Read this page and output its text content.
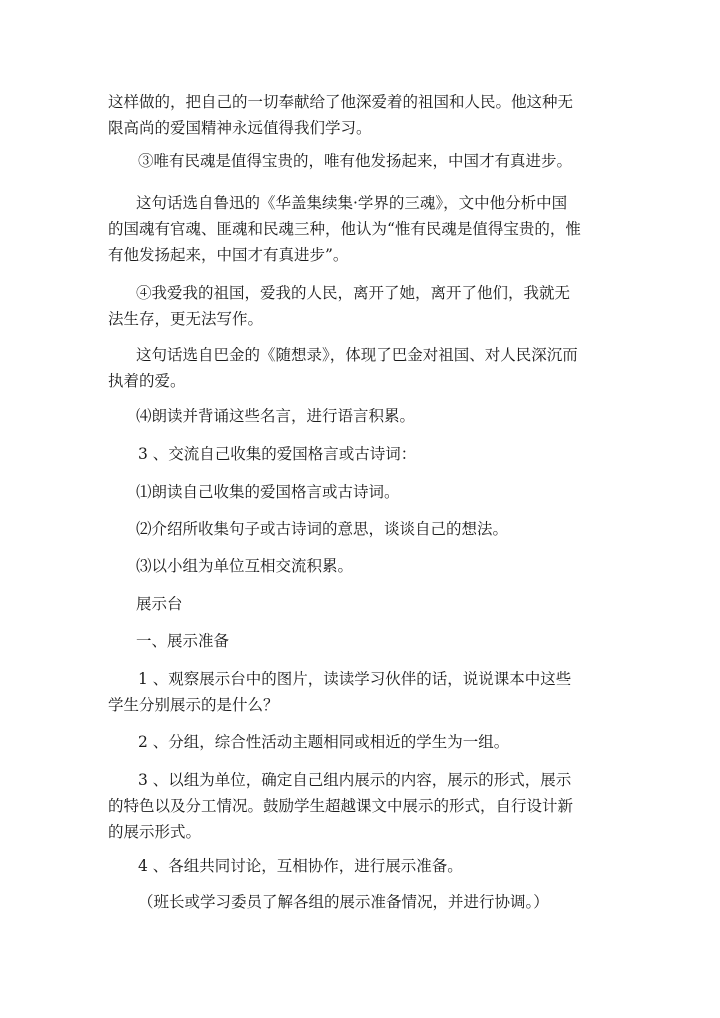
这样做的，把自己的一切奉献给了他深爱着的祖国和人民。他这种无限高尚的爱国精神永远值得我们学习。

③唯有民魂是值得宝贵的，唯有他发扬起来，中国才有真进步。

这句话选自鲁迅的《华盖集续集·学界的三魂》，文中他分析中国的国魂有官魂、匪魂和民魂三种，他认为“惟有民魂是值得宝贵的，惟有他发扬起来，中国才有真进步”。

④我爱我的祖国，爱我的人民，离开了她，离开了他们，我就无法生存，更无法写作。

这句话选自巴金的《随想录》，体现了巴金对祖国、对人民深沉而执着的爱。

⑷朗读并背诵这些名言，进行语言积累。

3 、交流自己收集的爱国格言或古诗词：

⑴朗读自己收集的爱国格言或古诗词。

⑵介绍所收集句子或古诗词的意思，谈谈自己的想法。

⑶以小组为单位互相交流积累。

展示台

一、展示准备

1 、观察展示台中的图片，读读学习伙伴的话，说说课本中这些学生分别展示的是什么？

2 、分组，综合性活动主题相同或相近的学生为一组。

3 、以组为单位，确定自己组内展示的内容，展示的形式，展示的特色以及分工情况。鼓励学生超越课文中展示的形式，自行设计新的展示形式。

4 、各组共同讨论，互相协作，进行展示准备。

（班长或学习委员了解各组的展示准备情况，并进行协调。）
